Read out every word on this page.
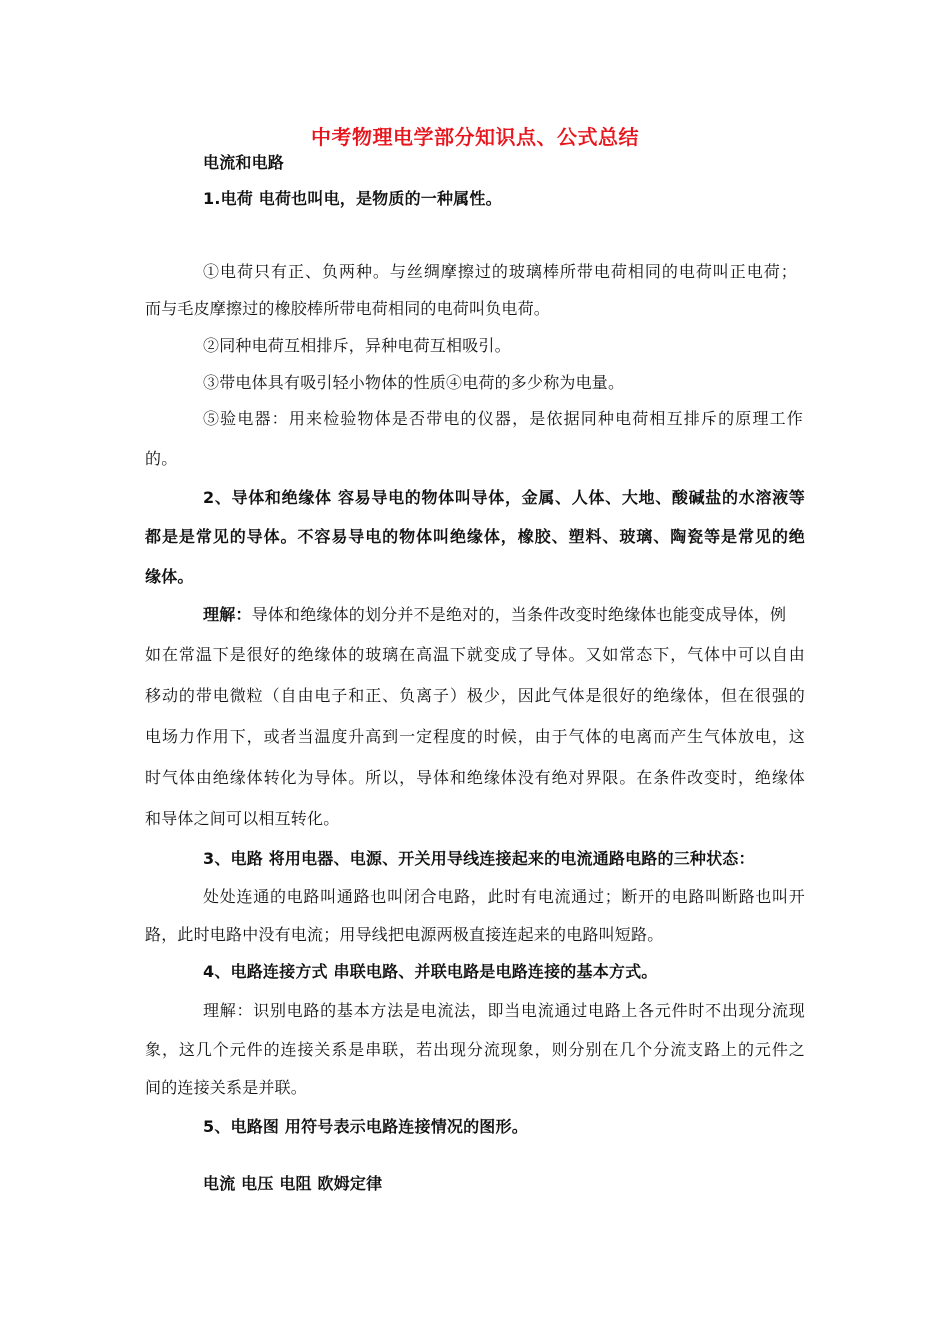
中考物理电学部分知识点、公式总结
电流和电路
1.电荷 电荷也叫电，是物质的一种属性。
①电荷只有正、负两种。与丝绸摩擦过的玻璃棒所带电荷相同的电荷叫正电荷；
而与毛皮摩擦过的橡胶棒所带电荷相同的电荷叫负电荷。
②同种电荷互相排斥，异种电荷互相吸引。
③带电体具有吸引轻小物体的性质④电荷的多少称为电量。
⑤验电器：用来检验物体是否带电的仪器，是依据同种电荷相互排斥的原理工作
的。
2、导体和绝缘体 容易导电的物体叫导体，金属、人体、大地、酸碱盐的水溶液等
都是是常见的导体。不容易导电的物体叫绝缘体，橡胶、塑料、玻璃、陶瓷等是常见的绝
缘体。
理解：导体和绝缘体的划分并不是绝对的，当条件改变时绝缘体也能变成导体，例
如在常温下是很好的绝缘体的玻璃在高温下就变成了导体。又如常态下，气体中可以自由
移动的带电微粒（自由电子和正、负离子）极少，因此气体是很好的绝缘体，但在很强的
电场力作用下，或者当温度升高到一定程度的时候，由于气体的电离而产生气体放电，这
时气体由绝缘体转化为导体。所以，导体和绝缘体没有绝对界限。在条件改变时，绝缘体
和导体之间可以相互转化。
3、电路 将用电器、电源、开关用导线连接起来的电流通路电路的三种状态：
处处连通的电路叫通路也叫闭合电路，此时有电流通过；断开的电路叫断路也叫开
路，此时电路中没有电流；用导线把电源两极直接连起来的电路叫短路。
4、电路连接方式 串联电路、并联电路是电路连接的基本方式。
理解：识别电路的基本方法是电流法，即当电流通过电路上各元件时不出现分流现
象，这几个元件的连接关系是串联，若出现分流现象，则分别在几个分流支路上的元件之
间的连接关系是并联。
5、电路图 用符号表示电路连接情况的图形。
电流 电压 电阻 欧姆定律
